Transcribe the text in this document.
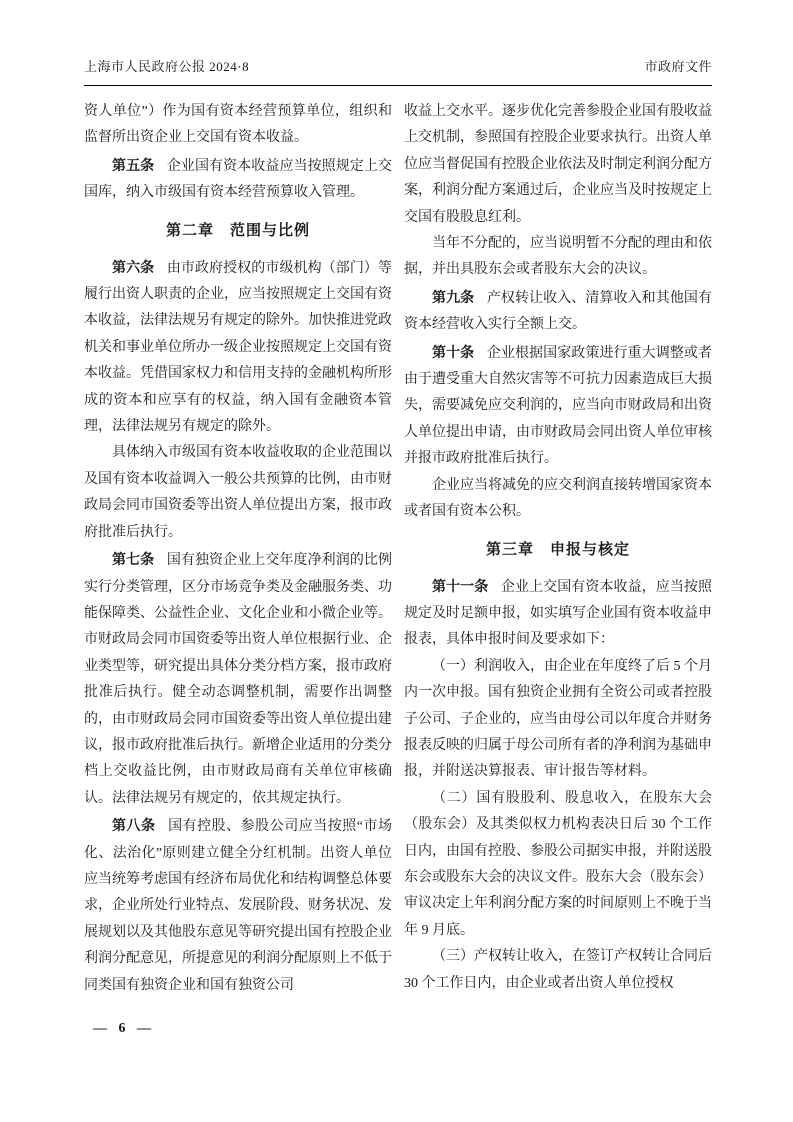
上海市人民政府公报 2024·8	市政府文件

资人单位”）作为国有资本经营预算单位，组织和监督所出资企业上交国有资本收益。

第五条 企业国有资本收益应当按照规定上交国库，纳入市级国有资本经营预算收入管理。

第二章　范围与比例

第六条 由市政府授权的市级机构（部门）等履行出资人职责的企业，应当按照规定上交国有资本收益，法律法规另有规定的除外。加快推进党政机关和事业单位所办一级企业按照规定上交国有资本收益。凭借国家权力和信用支持的金融机构所形成的资本和应享有的权益，纳入国有金融资本管理，法律法规另有规定的除外。

具体纳入市级国有资本收益收取的企业范围以及国有资本收益调入一般公共预算的比例，由市财政局会同市国资委等出资人单位提出方案，报市政府批准后执行。

第七条 国有独资企业上交年度净利润的比例实行分类管理，区分市场竞争类及金融服务类、功能保障类、公益性企业、文化企业和小微企业等。市财政局会同市国资委等出资人单位根据行业、企业类型等，研究提出具体分类分档方案，报市政府批准后执行。健全动态调整机制，需要作出调整的，由市财政局会同市国资委等出资人单位提出建议，报市政府批准后执行。新增企业适用的分类分档上交收益比例，由市财政局商有关单位审核确认。法律法规另有规定的，依其规定执行。

第八条 国有控股、参股公司应当按照“市场化、法治化”原则建立健全分红机制。出资人单位应当统筹考虑国有经济布局优化和结构调整总体要求，企业所处行业特点、发展阶段、财务状况、发展规划以及其他股东意见等研究提出国有控股企业利润分配意见，所提意见的利润分配原则上不低于同类国有独资企业和国有独资公司

收益上交水平。逐步优化完善参股企业国有股收益上交机制，参照国有控股企业要求执行。出资人单位应当督促国有控股企业依法及时制定利润分配方案，利润分配方案通过后，企业应当及时按规定上交国有股股息红利。

当年不分配的，应当说明暂不分配的理由和依据，并出具股东会或者股东大会的决议。

第九条 产权转让收入、清算收入和其他国有资本经营收入实行全额上交。

第十条 企业根据国家政策进行重大调整或者由于遭受重大自然灾害等不可抗力因素造成巨大损失，需要减免应交利润的，应当向市财政局和出资人单位提出申请，由市财政局会同出资人单位审核并报市政府批准后执行。

企业应当将减免的应交利润直接转增国家资本或者国有资本公积。

第三章　申报与核定

第十一条 企业上交国有资本收益，应当按照规定及时足额申报，如实填写企业国有资本收益申报表，具体申报时间及要求如下：

（一）利润收入，由企业在年度终了后 5 个月内一次申报。国有独资企业拥有全资公司或者控股子公司、子企业的，应当由母公司以年度合并财务报表反映的归属于母公司所有者的净利润为基础申报，并附送决算报表、审计报告等材料。

（二）国有股股利、股息收入，在股东大会（股东会）及其类似权力机构表决日后 30 个工作日内，由国有控股、参股公司据实申报，并附送股东会或股东大会的决议文件。股东大会（股东会）审议决定上年利润分配方案的时间原则上不晚于当年 9 月底。

（三）产权转让收入，在签订产权转让合同后 30 个工作日内，由企业或者出资人单位授权

— 6 —
